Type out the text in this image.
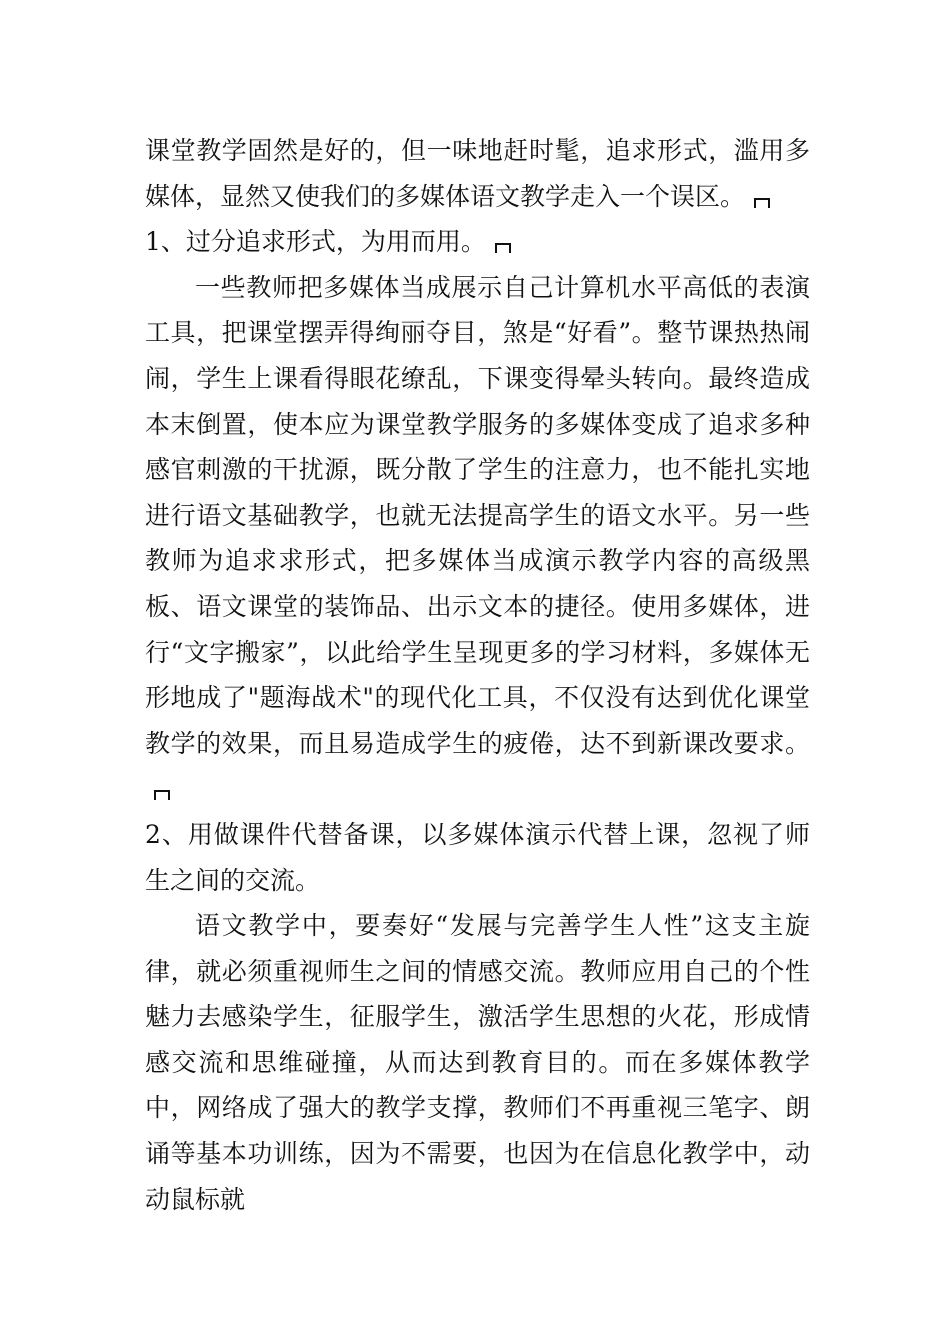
课堂教学固然是好的，但一味地赶时髦，追求形式，滥用多媒体，显然又使我们的多媒体语文教学走入一个误区。

1、过分追求形式，为用而用。

一些教师把多媒体当成展示自己计算机水平高低的表演工具，把课堂摆弄得绚丽夺目，煞是“好看”。整节课热热闹闹，学生上课看得眼花缭乱，下课变得晕头转向。最终造成本末倒置，使本应为课堂教学服务的多媒体变成了追求多种感官刺激的干扰源，既分散了学生的注意力，也不能扎实地进行语文基础教学，也就无法提高学生的语文水平。另一些教师为追求求形式，把多媒体当成演示教学内容的高级黑板、语文课堂的装饰品、出示文本的捷径。使用多媒体，进行“文字搬家”，以此给学生呈现更多的学习材料，多媒体无形地成了"题海战术"的现代化工具，不仅没有达到优化课堂教学的效果，而且易造成学生的疲倦，达不到新课改要求。

2、用做课件代替备课，以多媒体演示代替上课，忽视了师生之间的交流。

语文教学中，要奏好“发展与完善学生人性”这支主旋律，就必须重视师生之间的情感交流。教师应用自己的个性魅力去感染学生，征服学生，激活学生思想的火花，形成情感交流和思维碰撞，从而达到教育目的。而在多媒体教学中，网络成了强大的教学支撑，教师们不再重视三笔字、朗诵等基本功训练，因为不需要，也因为在信息化教学中，动动鼠标就
